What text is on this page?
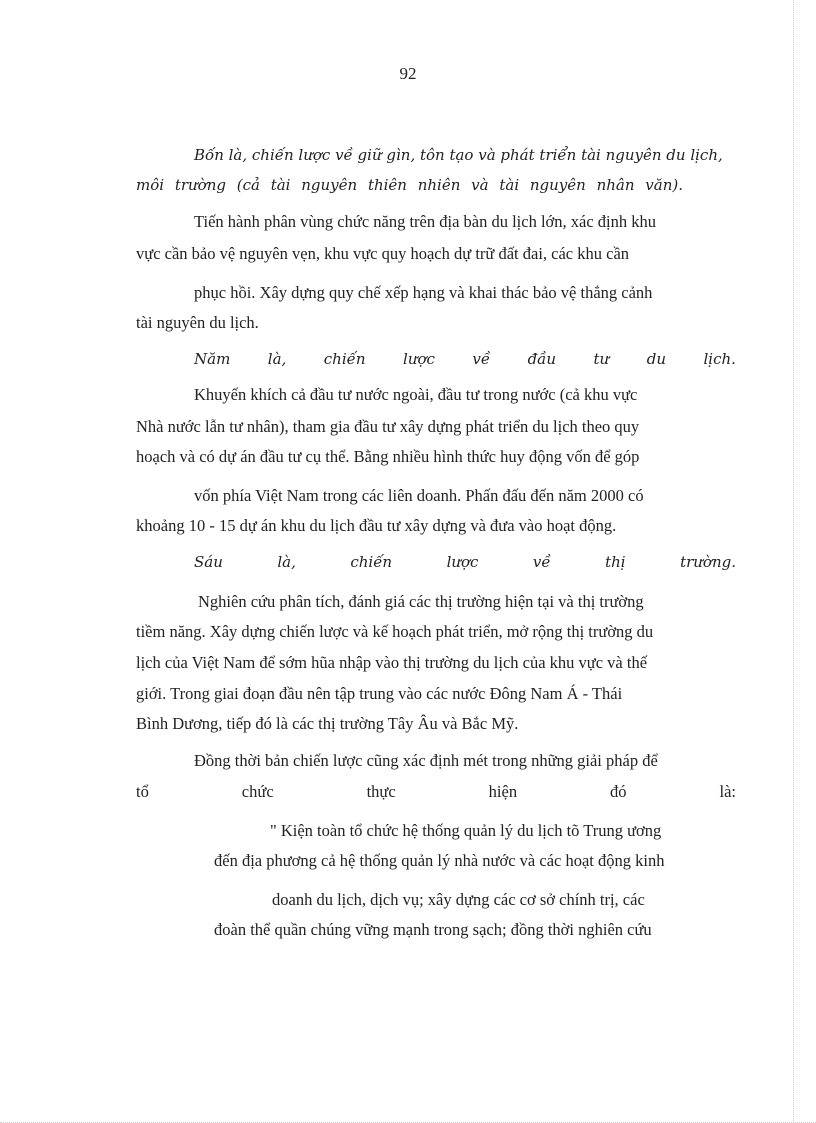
92
Bốn là, chiến lược về giữ gìn, tôn tạo và phát triển tài nguyên du lịch,
môi trường (cả tài nguyên thiên nhiên và tài nguyên nhân văn).
Tiến hành phân vùng chức năng trên địa bàn du lịch lớn, xác định khu
vực cần bảo vệ nguyên vẹn, khu vực quy hoạch dự trữ đất đai, các khu cần
phục hồi. Xây dựng quy chế xếp hạng và khai thác bảo vệ thắng cảnh
tài nguyên du lịch.
Năm là, chiến lược về đầu tư du lịch.
Khuyến khích cả đầu tư nước ngoài, đầu tư trong nước (cả khu vực
Nhà nước lẫn tư nhân), tham gia đầu tư xây dựng phát triển du lịch theo quy
hoạch và có dự án đầu tư cụ thể. Bằng nhiều hình thức huy động vốn để góp
vốn phía Việt Nam trong các liên doanh. Phấn đấu đến năm 2000 có
khoảng 10 - 15 dự án khu du lịch đầu tư xây dựng và đưa vào hoạt động.
Sáu	là,	chiến	lược	về	thị	trường.
Nghiên cứu phân tích, đánh giá các thị trường hiện tại và thị trường
tiềm năng. Xây dựng chiến lược và kế hoạch phát triển, mở rộng thị trường du
lịch của Việt Nam để sớm hũa nhập vào thị trường du lịch của khu vực và thế
giới. Trong giai đoạn đầu nên tập trung vào các nước Đông Nam Á - Thái
Bình Dương, tiếp đó là các thị trường Tây Âu và Bắc Mỹ.
Đồng thời bản chiến lược cũng xác định mét trong những giải pháp để
tổ	chức	thực	hiện	đó	là:
" Kiện toàn tổ chức hệ thống quản lý du lịch tõ Trung ương
đến địa phương cả hệ thống quản lý nhà nước và các hoạt động kinh
doanh du lịch, dịch vụ; xây dựng các cơ sở chính trị, các
đoàn thể quần chúng vững mạnh trong sạch; đồng thời nghiên cứu
